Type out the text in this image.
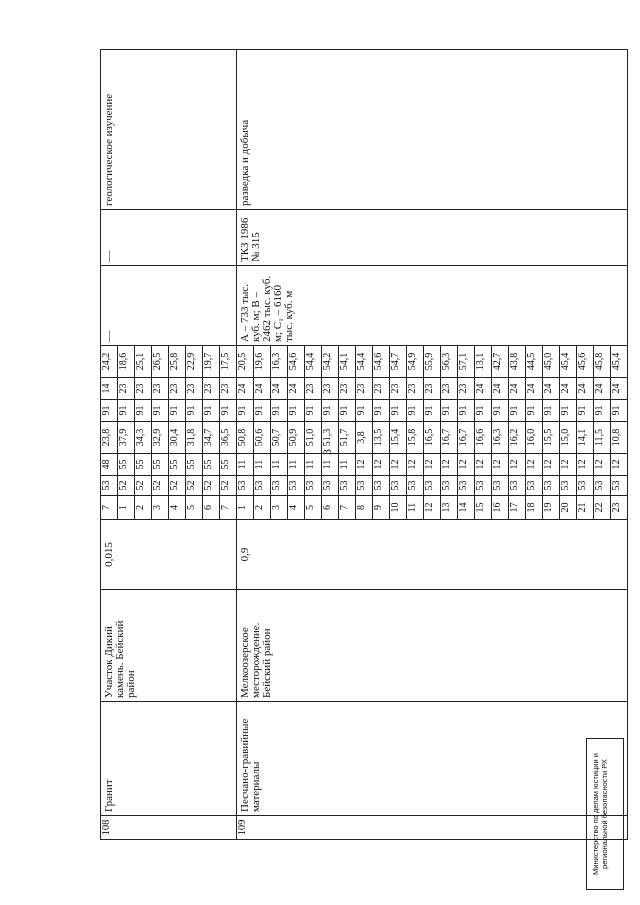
3
108	Гранит	Участок Дикий камень. Бейский район	0,015	7	53	48	23,8	91	14	24,2	—	—	геологическое изучение
				1	52	55	37,9	91	23	18,6			
				2	52	55	34,3	91	23	25,1			
				3	52	55	32,9	91	23	26,5			
				4	52	55	30,4	91	23	25,8			
				5	52	55	31,8	91	23	22,9			
				6	52	55	34,7	91	23	19,7			
				7	52	55	36,5	91	23	17,5			
109	Песчано-гравийные материалы	Мелкоозерское месторождение. Бейский район	0,9	1	53	11	50,8	91	24	20,5	А – 733 тыс. куб. м; В – 2462 тыс. куб. м; С₁ – 6160 тыс. куб. м	ТКЗ 1986 № 315	разведка и добыча
				2	53	11	50,6	91	24	19,6			
				3	53	11	50,7	91	24	16,3			
				4	53	11	50,9	91	24	54,6			
				5	53	11	51,0	91	23	54,4			
				6	53	11	51,3	91	23	54,2			
				7	53	11	51,7	91	23	54,1			
				8	53	12	3,8	91	23	54,4			
				9	53	12	13,5	91	23	54,6			
				10	53	12	15,4	91	23	54,7			
				11	53	12	15,8	91	23	54,9			
				12	53	12	16,5	91	23	55,9			
				13	53	12	16,7	91	23	56,3			
				14	53	12	16,7	91	23	57,1			
				15	53	12	16,6	91	24	13,1			
				16	53	12	16,3	91	24	42,7			
				17	53	12	16,2	91	24	43,8			
				18	53	12	16,0	91	24	44,5			
				19	53	12	15,5	91	24	45,0			
				20	53	12	15,0	91	24	45,4			
				21	53	12	14,1	91	24	45,6			
				22	53	12	11,5	91	24	45,8			
				23	53	12	10,8	91	24	45,4			
Министерство по делам юстиции и региональной безопасности РХ
